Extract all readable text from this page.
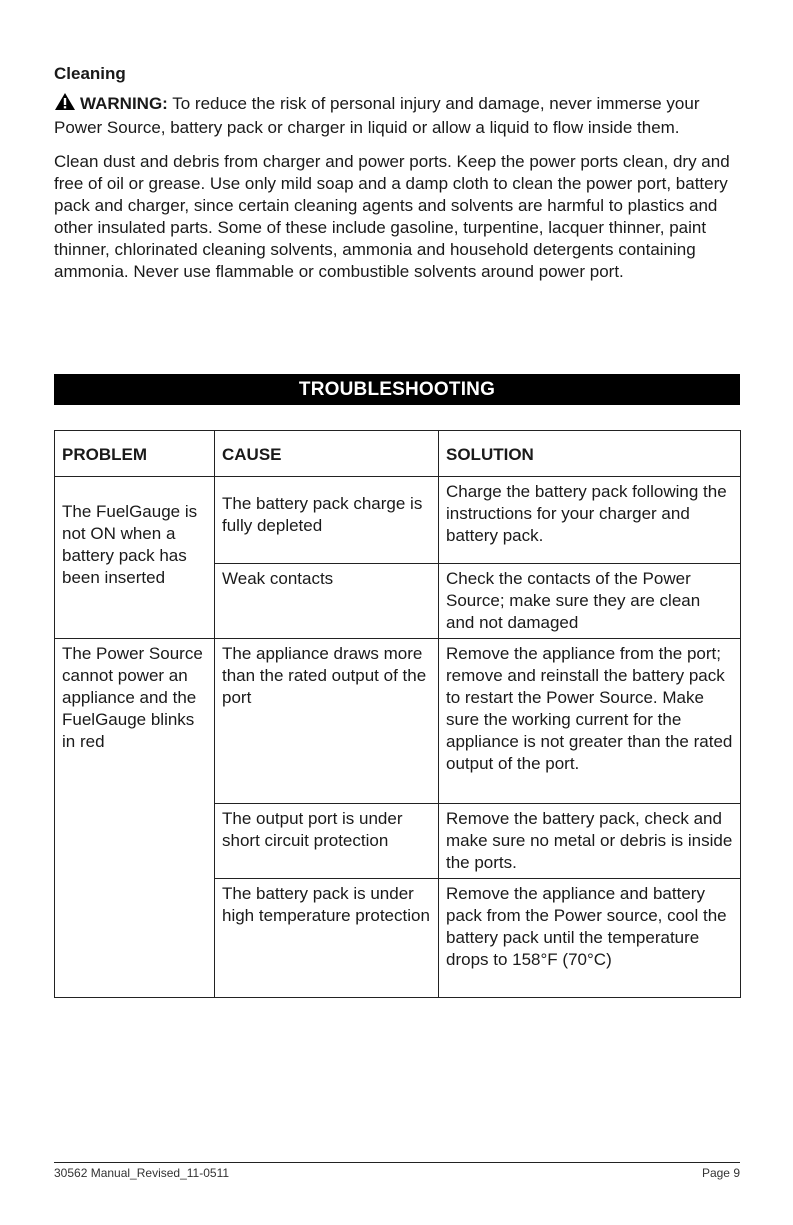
Cleaning

WARNING: To reduce the risk of personal injury and damage, never immerse your Power Source, battery pack or charger in liquid or allow a liquid to flow inside them.

Clean dust and debris from charger and power ports. Keep the power ports clean, dry and free of oil or grease. Use only mild soap and a damp cloth to clean the power port, battery pack and charger, since certain cleaning agents and solvents are harmful to plastics and other insulated parts. Some of these include gasoline, turpentine, lacquer thinner, paint thinner, chlorinated cleaning solvents, ammonia and household detergents containing ammonia. Never use flammable or combustible solvents around power port.

TROUBLESHOOTING
PROBLEM	CAUSE	SOLUTION
The FuelGauge is not ON when a battery pack has been inserted	The battery pack charge is fully depleted	Charge the battery pack following the instructions for your charger and battery pack.
	Weak contacts	Check the contacts of the Power Source; make sure they are clean and not damaged
The Power Source cannot power an appliance and the FuelGauge blinks in red	The appliance draws more than the rated output of the port	Remove the appliance from the port; remove and reinstall the battery pack to restart the Power Source. Make sure the working current for the appliance is not greater than the rated output of the port.
	The output port is under short circuit protection	Remove the battery pack, check and make sure no metal or debris is inside the ports.
	The battery pack is under high temperature protection	Remove the appliance and battery pack from the Power source, cool the battery pack until the temperature drops to 158°F (70°C)
30562 Manual_Revised_11-0511	Page 9
